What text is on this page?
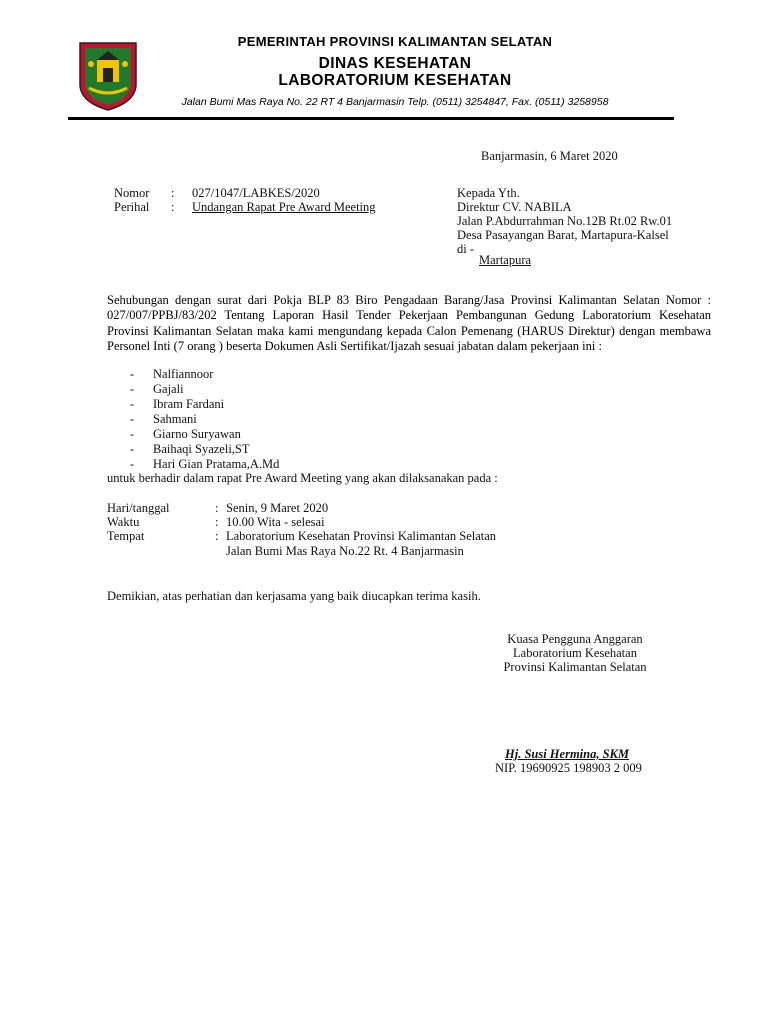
PEMERINTAH PROVINSI KALIMANTAN SELATAN
DINAS KESEHATAN
LABORATORIUM KESEHATAN
Jalan Bumi Mas Raya No. 22 RT 4 Banjarmasin Telp. (0511) 3254847, Fax. (0511) 3258958
Banjarmasin, 6 Maret 2020
Nomor : 027/1047/LABKES/2020
Perihal : Undangan Rapat Pre Award Meeting
Kepada Yth.
Direktur CV. NABILA
Jalan P.Abdurrahman No.12B Rt.02 Rw.01
Desa Pasayangan Barat, Martapura-Kalsel
di -
Martapura
Sehubungan dengan surat dari Pokja BLP 83 Biro Pengadaan Barang/Jasa Provinsi Kalimantan Selatan Nomor : 027/007/PPBJ/83/202 Tentang Laporan Hasil Tender Pekerjaan Pembangunan Gedung Laboratorium Kesehatan Provinsi Kalimantan Selatan maka kami mengundang kepada Calon Pemenang (HARUS Direktur) dengan membawa Personel Inti (7 orang ) beserta Dokumen Asli Sertifikat/Ijazah sesuai jabatan dalam pekerjaan ini :
- Nalfiannoor
- Gajali
- Ibram Fardani
- Sahmani
- Giarno Suryawan
- Baihaqi Syazeli,ST
- Hari Gian Pratama,A.Md
untuk berhadir dalam rapat Pre Award Meeting yang akan dilaksanakan pada :
Hari/tanggal	: Senin, 9 Maret 2020
Waktu	: 10.00 Wita - selesai
Tempat	: Laboratorium Kesehatan Provinsi Kalimantan Selatan
Jalan Bumi Mas Raya No.22 Rt. 4 Banjarmasin
Demikian, atas perhatian dan kerjasama yang baik diucapkan terima kasih.
Kuasa Pengguna Anggaran
Laboratorium Kesehatan
Provinsi Kalimantan Selatan
Hj. Susi Hermina, SKM
NIP. 19690925 198903 2 009
